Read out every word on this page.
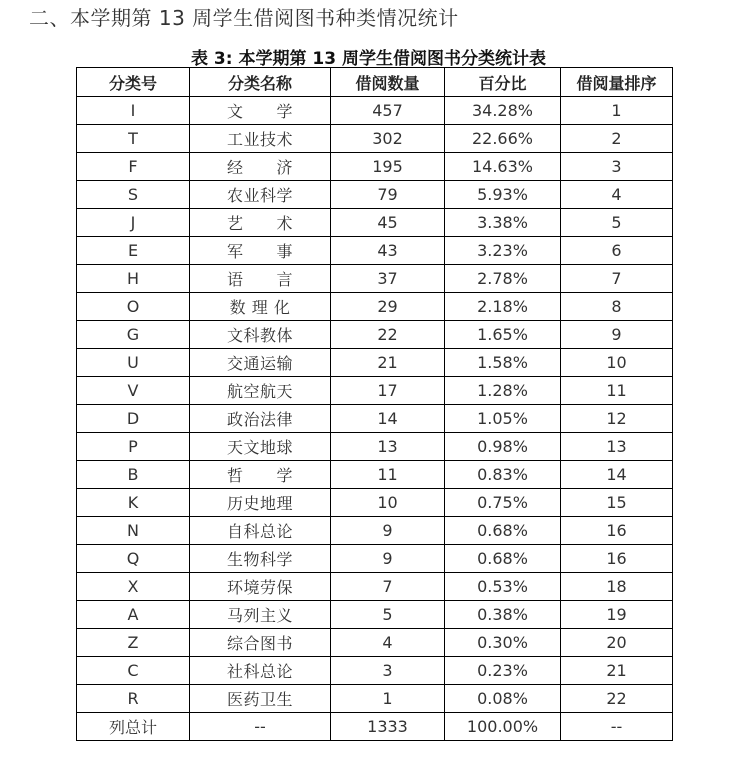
二、本学期第 13 周学生借阅图书种类情况统计
表 3: 本学期第 13 周学生借阅图书分类统计表
分类号	分类名称	借阅数量	百分比	借阅量排序
I	文　　学	457	34.28%	1
T	工业技术	302	22.66%	2
F	经　　济	195	14.63%	3
S	农业科学	79	5.93%	4
J	艺　　术	45	3.38%	5
E	军　　事	43	3.23%	6
H	语　　言	37	2.78%	7
O	数 理 化	29	2.18%	8
G	文科教体	22	1.65%	9
U	交通运输	21	1.58%	10
V	航空航天	17	1.28%	11
D	政治法律	14	1.05%	12
P	天文地球	13	0.98%	13
B	哲　　学	11	0.83%	14
K	历史地理	10	0.75%	15
N	自科总论	9	0.68%	16
Q	生物科学	9	0.68%	16
X	环境劳保	7	0.53%	18
A	马列主义	5	0.38%	19
Z	综合图书	4	0.30%	20
C	社科总论	3	0.23%	21
R	医药卫生	1	0.08%	22
列总计	--	1333	100.00%	--
